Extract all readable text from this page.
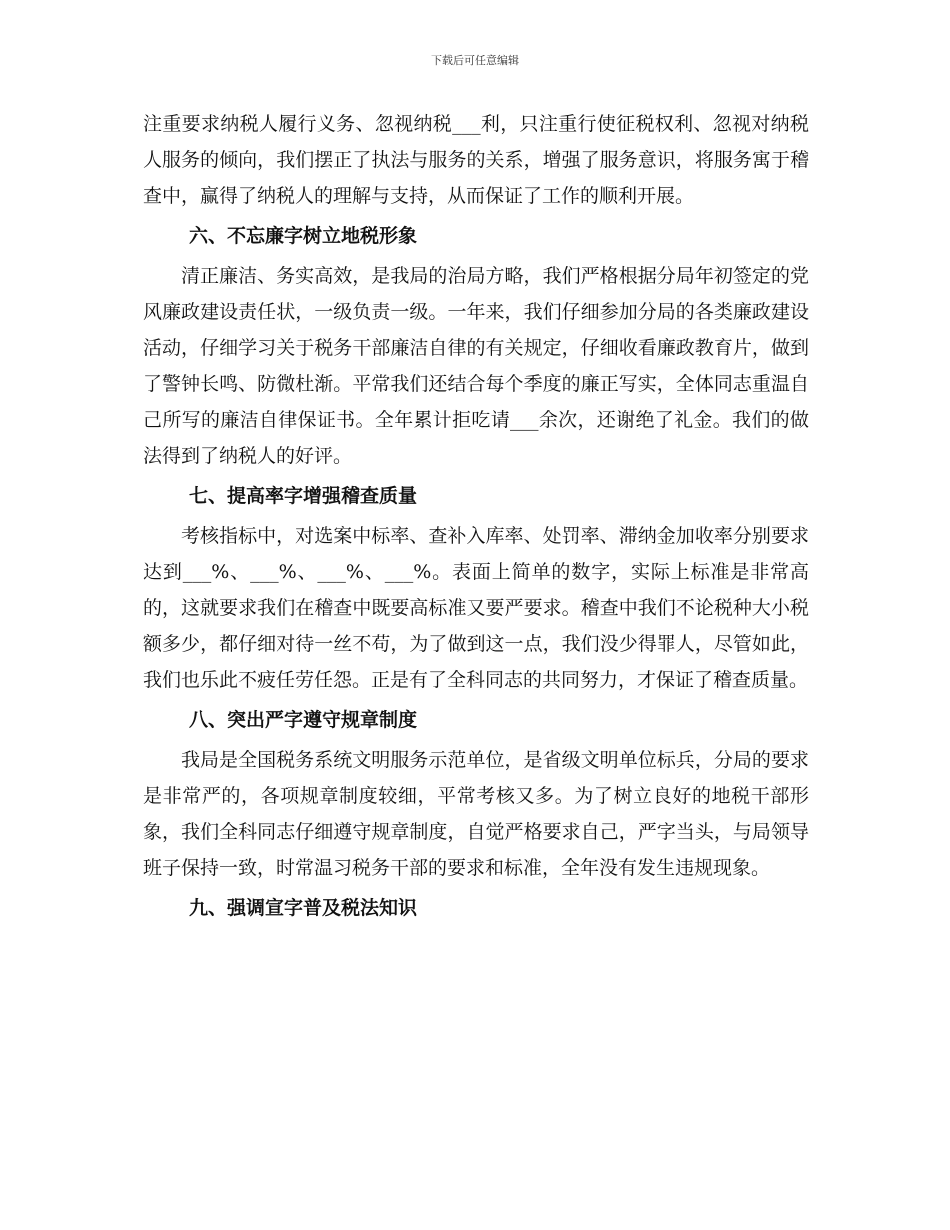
下载后可任意编辑

注重要求纳税人履行义务、忽视纳税___利，只注重行使征税权利、忽视对纳税人服务的倾向，我们摆正了执法与服务的关系，增强了服务意识，将服务寓于稽查中，赢得了纳税人的理解与支持，从而保证了工作的顺利开展。

六、不忘廉字树立地税形象

清正廉洁、务实高效，是我局的治局方略，我们严格根据分局年初签定的党风廉政建设责任状，一级负责一级。一年来，我们仔细参加分局的各类廉政建设活动，仔细学习关于税务干部廉洁自律的有关规定，仔细收看廉政教育片，做到了警钟长鸣、防微杜渐。平常我们还结合每个季度的廉正写实，全体同志重温自己所写的廉洁自律保证书。全年累计拒吃请___余次，还谢绝了礼金。我们的做法得到了纳税人的好评。

七、提高率字增强稽查质量

考核指标中，对选案中标率、查补入库率、处罚率、滞纳金加收率分别要求达到___%、___%、___%、___%。表面上简单的数字，实际上标准是非常高的，这就要求我们在稽查中既要高标准又要严要求。稽查中我们不论税种大小税额多少，都仔细对待一丝不苟，为了做到这一点，我们没少得罪人，尽管如此，我们也乐此不疲任劳任怨。正是有了全科同志的共同努力，才保证了稽查质量。

八、突出严字遵守规章制度

我局是全国税务系统文明服务示范单位，是省级文明单位标兵，分局的要求是非常严的，各项规章制度较细，平常考核又多。为了树立良好的地税干部形象，我们全科同志仔细遵守规章制度，自觉严格要求自己，严字当头，与局领导班子保持一致，时常温习税务干部的要求和标准，全年没有发生违规现象。

九、强调宣字普及税法知识
